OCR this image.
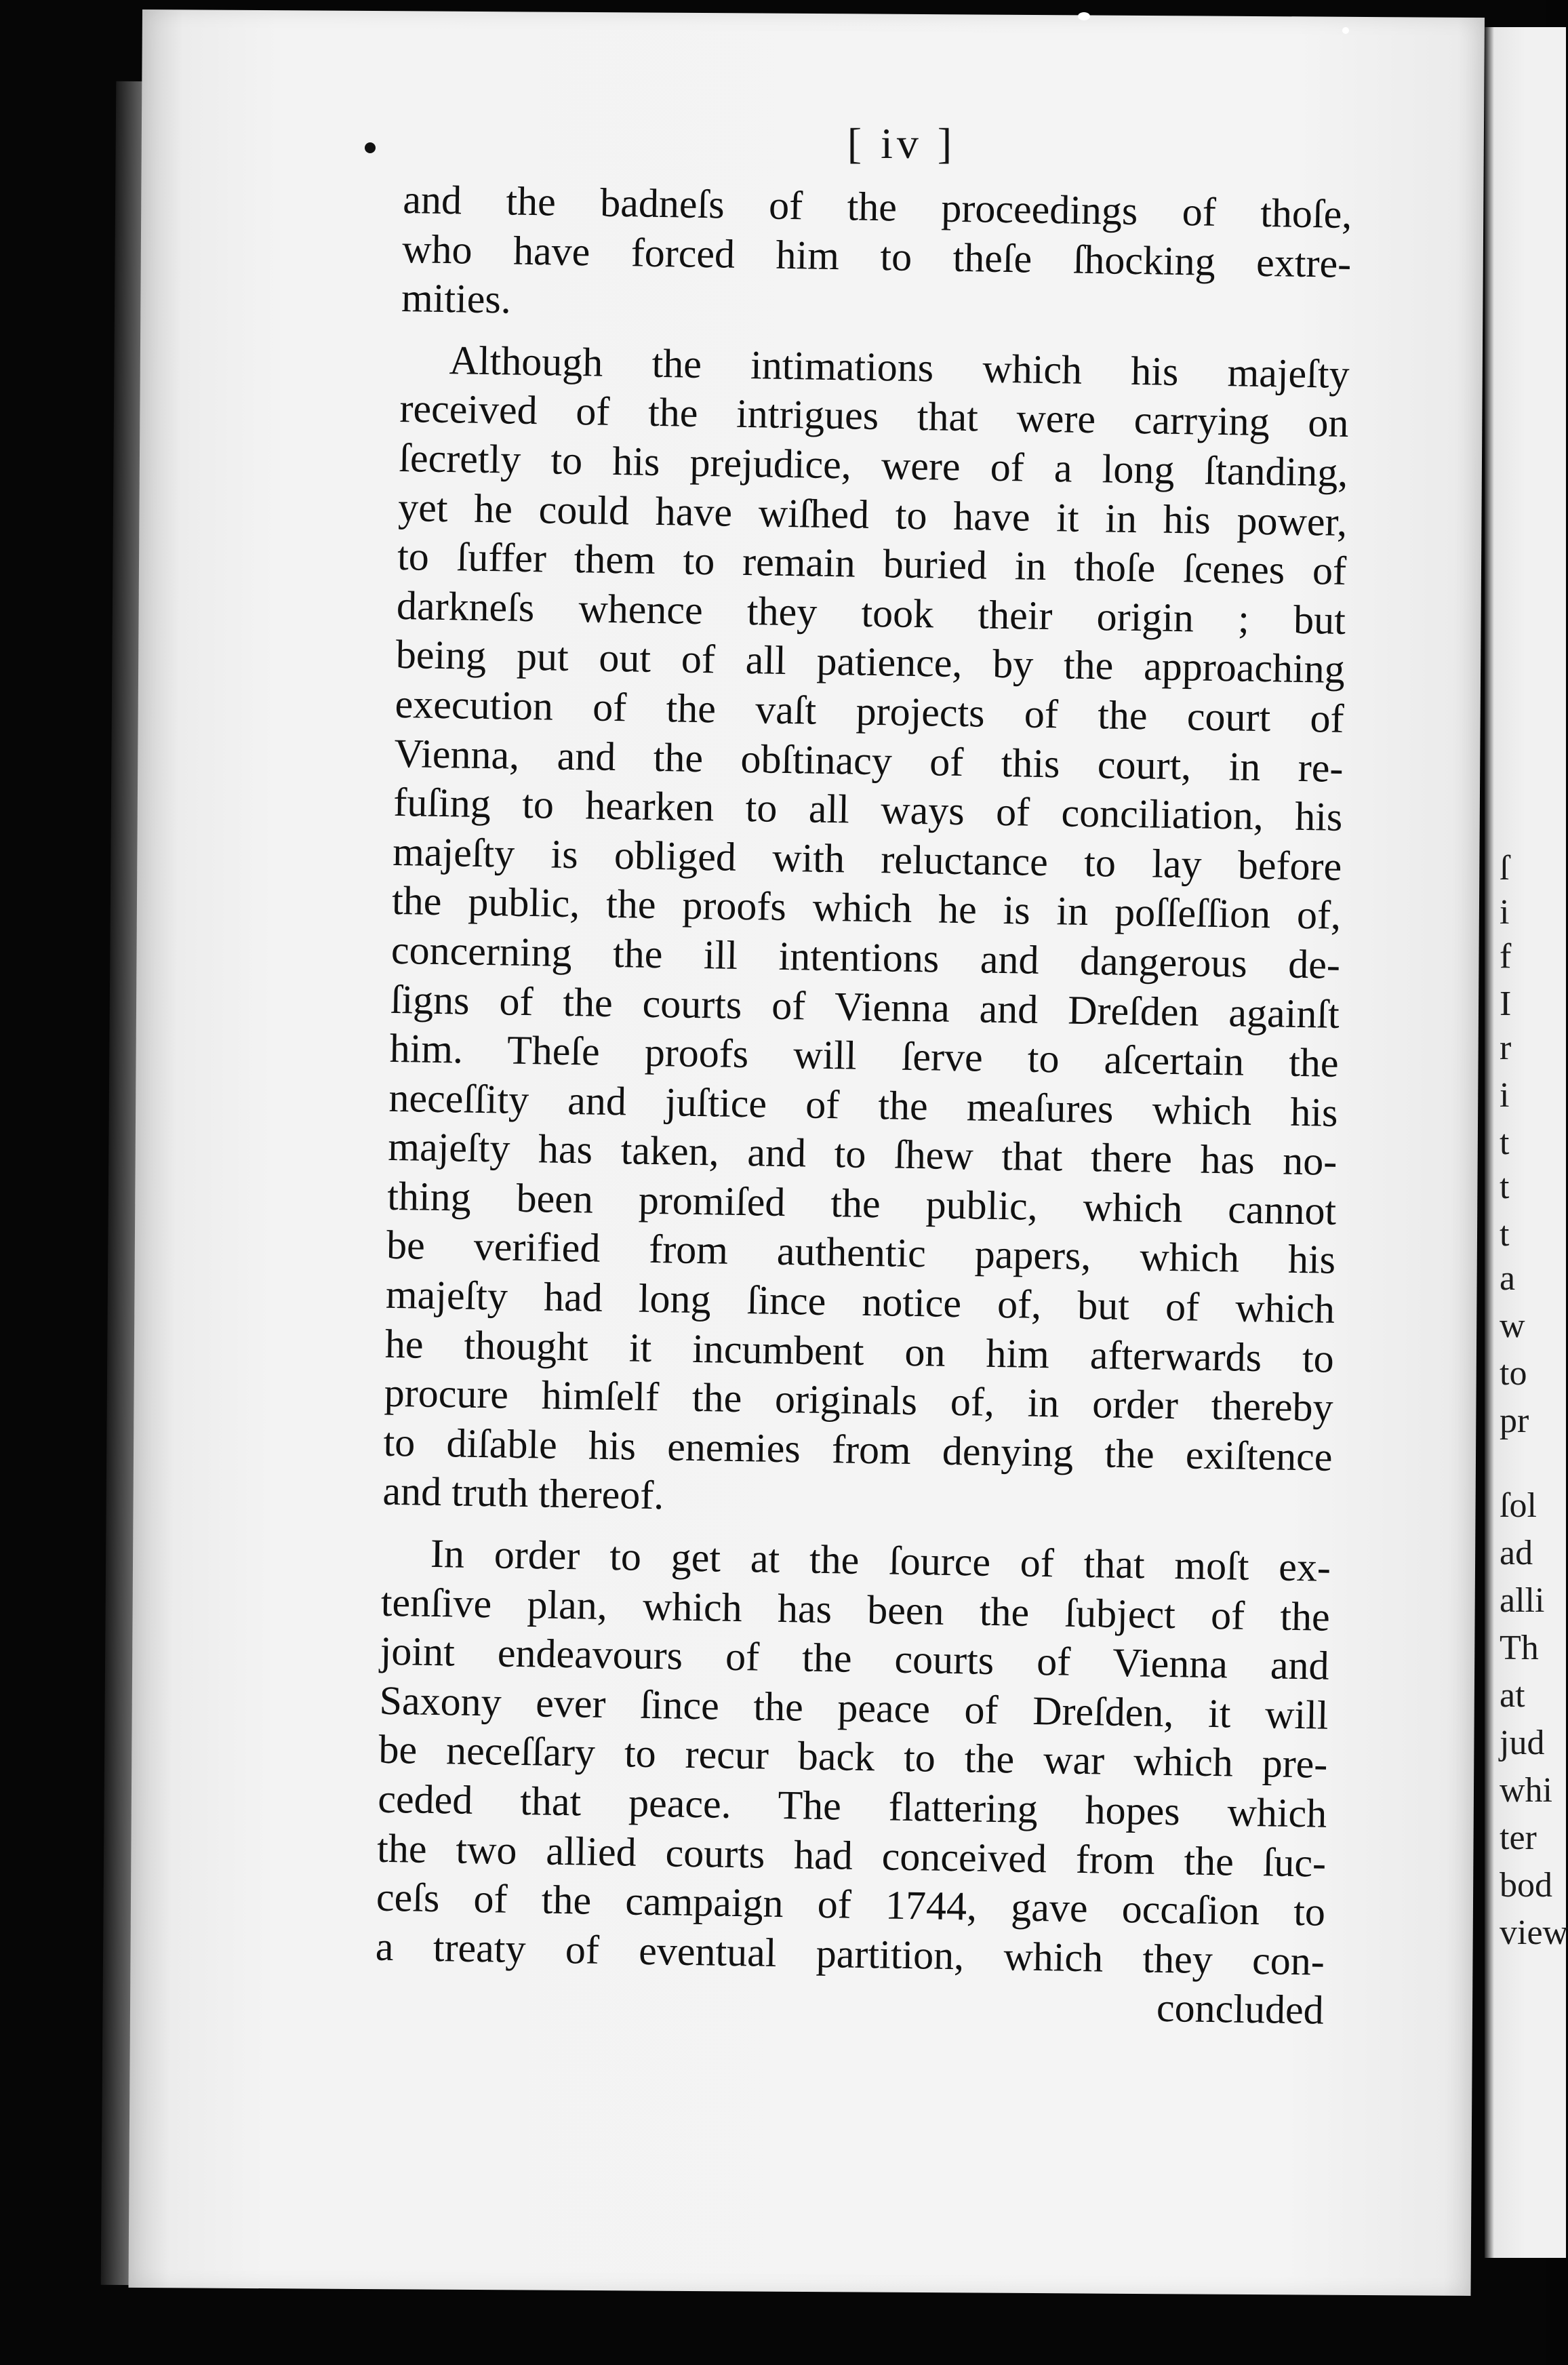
ſ
i
f
I
r
i
t
t
t
a
w
to
pr
ſol
ad
alli
Th
at
jud
whi
ter
bod
view
[ iv ]
and the badneſs of the proceedings of thoſe,
who have forced him to theſe ſhocking extre-
mities.
Although the intimations which his majeſty
received of the intrigues that were carrying on
ſecretly to his prejudice, were of a long ſtanding,
yet he could have wiſhed to have it in his power,
to ſuffer them to remain buried in thoſe ſcenes of
darkneſs whence they took their origin ; but
being put out of all patience, by the approaching
execution of the vaſt projects of the court of
Vienna, and the obſtinacy of this court, in re-
fuſing to hearken to all ways of conciliation, his
majeſty is obliged with reluctance to lay before
the public, the proofs which he is in poſſeſſion of,
concerning the ill intentions and dangerous de-
ſigns of the courts of Vienna and Dreſden againſt
him. Theſe proofs will ſerve to aſcertain the
neceſſity and juſtice of the meaſures which his
majeſty has taken, and to ſhew that there has no-
thing been promiſed the public, which cannot
be verified from authentic papers, which his
majeſty had long ſince notice of, but of which
he thought it incumbent on him afterwards to
procure himſelf the originals of, in order thereby
to diſable his enemies from denying the exiſtence
and truth thereof.
In order to get at the ſource of that moſt ex-
tenſive plan, which has been the ſubject of the
joint endeavours of the courts of Vienna and
Saxony ever ſince the peace of Dreſden, it will
be neceſſary to recur back to the war which pre-
ceded that peace. The flattering hopes which
the two allied courts had conceived from the ſuc-
ceſs of the campaign of 1744, gave occaſion to
a treaty of eventual partition, which they con-
concluded
